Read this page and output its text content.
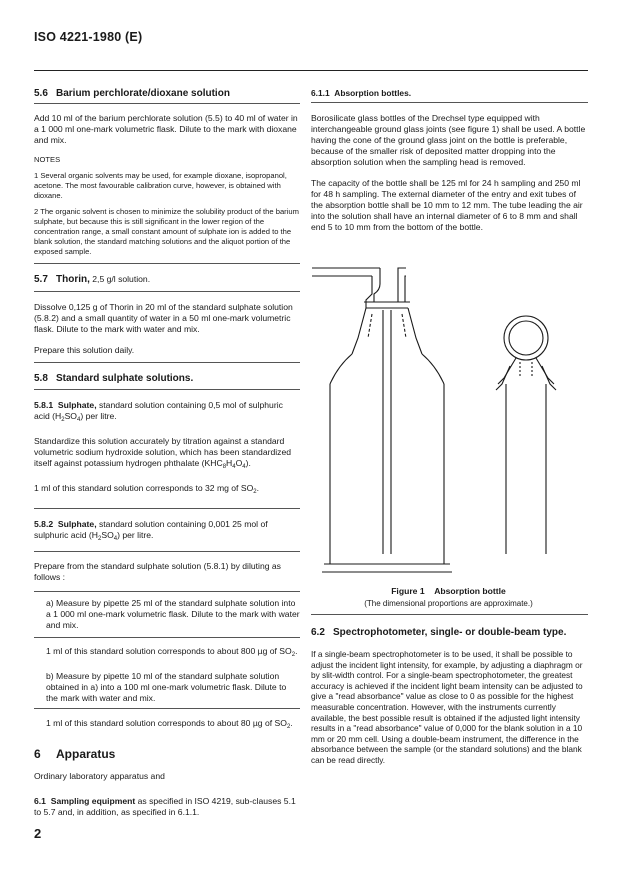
ISO 4221-1980 (E)
5.6 Barium perchlorate/dioxane solution

Add 10 ml of the barium perchlorate solution (5.5) to 40 ml of water in a 1 000 ml one-mark volumetric flask. Dilute to the mark with dioxane and mix.

NOTES

1 Several organic solvents may be used, for example dioxane, isopropanol, acetone. The most favourable calibration curve, however, is obtained with dioxane.

2 The organic solvent is chosen to minimize the solubility product of the barium sulphate, but because this is still significant in the lower region of the concentration range, a small constant amount of sulphate ion is added to the blank solution, the standard matching solutions and the aliquot portion of the exposed sample.

5.7 Thorin, 2,5 g/l solution.

Dissolve 0,125 g of Thorin in 20 ml of the standard sulphate solution (5.8.2) and a small quantity of water in a 50 ml one-mark volumetric flask. Dilute to the mark with water and mix.

Prepare this solution daily.

5.8 Standard sulphate solutions.

5.8.1 Sulphate, standard solution containing 0,5 mol of sulphuric acid $(H_2SO_4)$ per litre.

Standardize this solution accurately by titration against a standard volumetric sodium hydroxide solution, which has been standardized itself against potassium hydrogen phthalate $(KHC_8H_4O_4)$.

1 ml of this standard solution corresponds to 32 mg of $SO_2$.

5.8.2 Sulphate, standard solution containing 0,001 25 mol of sulphuric acid $(H_2SO_4)$ per litre.

Prepare from the standard sulphate solution (5.8.1) by diluting as follows :

a) Measure by pipette 25 ml of the standard sulphate solution into a 1 000 ml one-mark volumetric flask. Dilute to the mark with water and mix.

1 ml of this standard solution corresponds to about 800 µg of $SO_2$.

b) Measure by pipette 10 ml of the standard sulphate solution obtained in a) into a 100 ml one-mark volumetric flask. Dilute to the mark with water and mix.

1 ml of this standard solution corresponds to about 80 µg of $SO_2$.

6 Apparatus

Ordinary laboratory apparatus and

6.1 Sampling equipment as specified in ISO 4219, sub-clauses 5.1 to 5.7 and, in addition, as specified in 6.1.1.

6.1.1 Absorption bottles.

Borosilicate glass bottles of the Drechsel type equipped with interchangeable ground glass joints (see figure 1) shall be used. A bottle having the cone of the ground glass joint on the bottle is preferable, because of the smaller risk of deposited matter dropping into the absorption solution when the sampling head is removed.

The capacity of the bottle shall be 125 ml for 24 h sampling and 250 ml for 48 h sampling. The external diameter of the entry and exit tubes of the absorption bottle shall be 10 mm to 12 mm. The tube leading the air into the solution shall have an internal diameter of 6 to 8 mm and shall end 5 to 10 mm from the bottom of the bottle.

Figure 1 Absorption bottle
(The dimensional proportions are approximate.)
6.2 Spectrophotometer, single- or double-beam type.

If a single-beam spectrophotometer is to be used, it shall be possible to adjust the incident light intensity, for example, by adjusting a diaphragm or by slit-width control. For a single-beam spectrophotometer, the greatest accuracy is achieved if the incident light beam intensity can be adjusted to give a "read absorbance" value as close to 0 as possible for the highest measurable concentration. However, with the instruments currently available, the best possible result is obtained if the adjusted light intensity results in a "read absorbance" value of 0,000 for the blank solution in a 10 mm or 20 mm cell. Using a double-beam instrument, the difference in the absorbance between the sample (or the standard solutions) and the blank can be read directly.

2
